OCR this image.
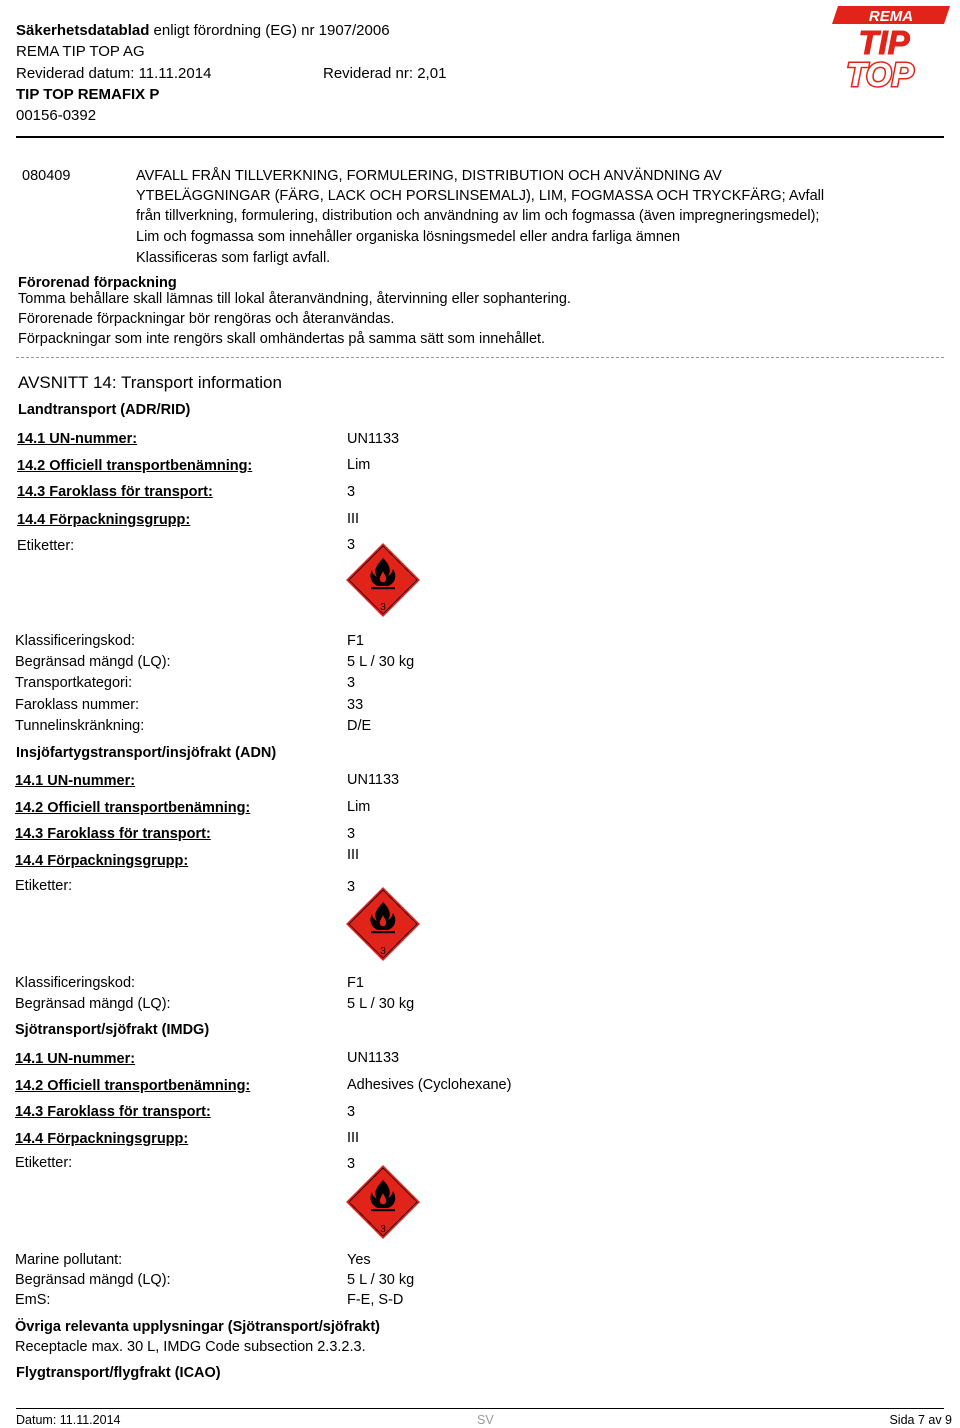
Säkerhetsdatablad enligt förordning (EG) nr 1907/2006
REMA TIP TOP AG
Reviderad datum: 11.11.2014	Reviderad nr: 2,01
TIP TOP REMAFIX P
00156-0392
REMA
TIP
TOP
080409	AVFALL FRÅN TILLVERKNING, FORMULERING, DISTRIBUTION OCH ANVÄNDNING AV
YTBELÄGGNINGAR (FÄRG, LACK OCH PORSLINSEMALJ), LIM, FOGMASSA OCH TRYCKFÄRG; Avfall
från tillverkning, formulering, distribution och användning av lim och fogmassa (även impregneringsmedel);
Lim och fogmassa som innehåller organiska lösningsmedel eller andra farliga ämnen
Klassificeras som farligt avfall.
Förorenad förpackning
Tomma behållare skall lämnas till lokal återanvändning, återvinning eller sophantering.
Förorenade förpackningar bör rengöras och återanvändas.
Förpackningar som inte rengörs skall omhändertas på samma sätt som innehållet.
AVSNITT 14: Transport information
Landtransport (ADR/RID)
14.1 UN-nummer:	UN1133
14.2 Officiell transportbenämning:	Lim
14.3 Faroklass för transport:	3
14.4 Förpackningsgrupp:	III
Etiketter:	3
3
Klassificeringskod:	F1
Begränsad mängd (LQ):	5 L / 30 kg
Transportkategori:	3
Faroklass nummer:	33
Tunnelinskränkning:	D/E
Insjöfartygstransport/insjöfrakt (ADN)
14.1 UN-nummer:	UN1133
14.2 Officiell transportbenämning:	Lim
14.3 Faroklass för transport:	3
14.4 Förpackningsgrupp:	III
Etiketter:	3
3
Klassificeringskod:	F1
Begränsad mängd (LQ):	5 L / 30 kg
Sjötransport/sjöfrakt (IMDG)
14.1 UN-nummer:	UN1133
14.2 Officiell transportbenämning:	Adhesives (Cyclohexane)
14.3 Faroklass för transport:	3
14.4 Förpackningsgrupp:	III
Etiketter:	3
3
Marine pollutant:	Yes
Begränsad mängd (LQ):	5 L / 30 kg
EmS:	F-E, S-D
Övriga relevanta upplysningar (Sjötransport/sjöfrakt)
Receptacle max. 30 L, IMDG Code subsection 2.3.2.3.
Flygtransport/flygfrakt (ICAO)
Datum: 11.11.2014	SV	Sida 7 av 9
